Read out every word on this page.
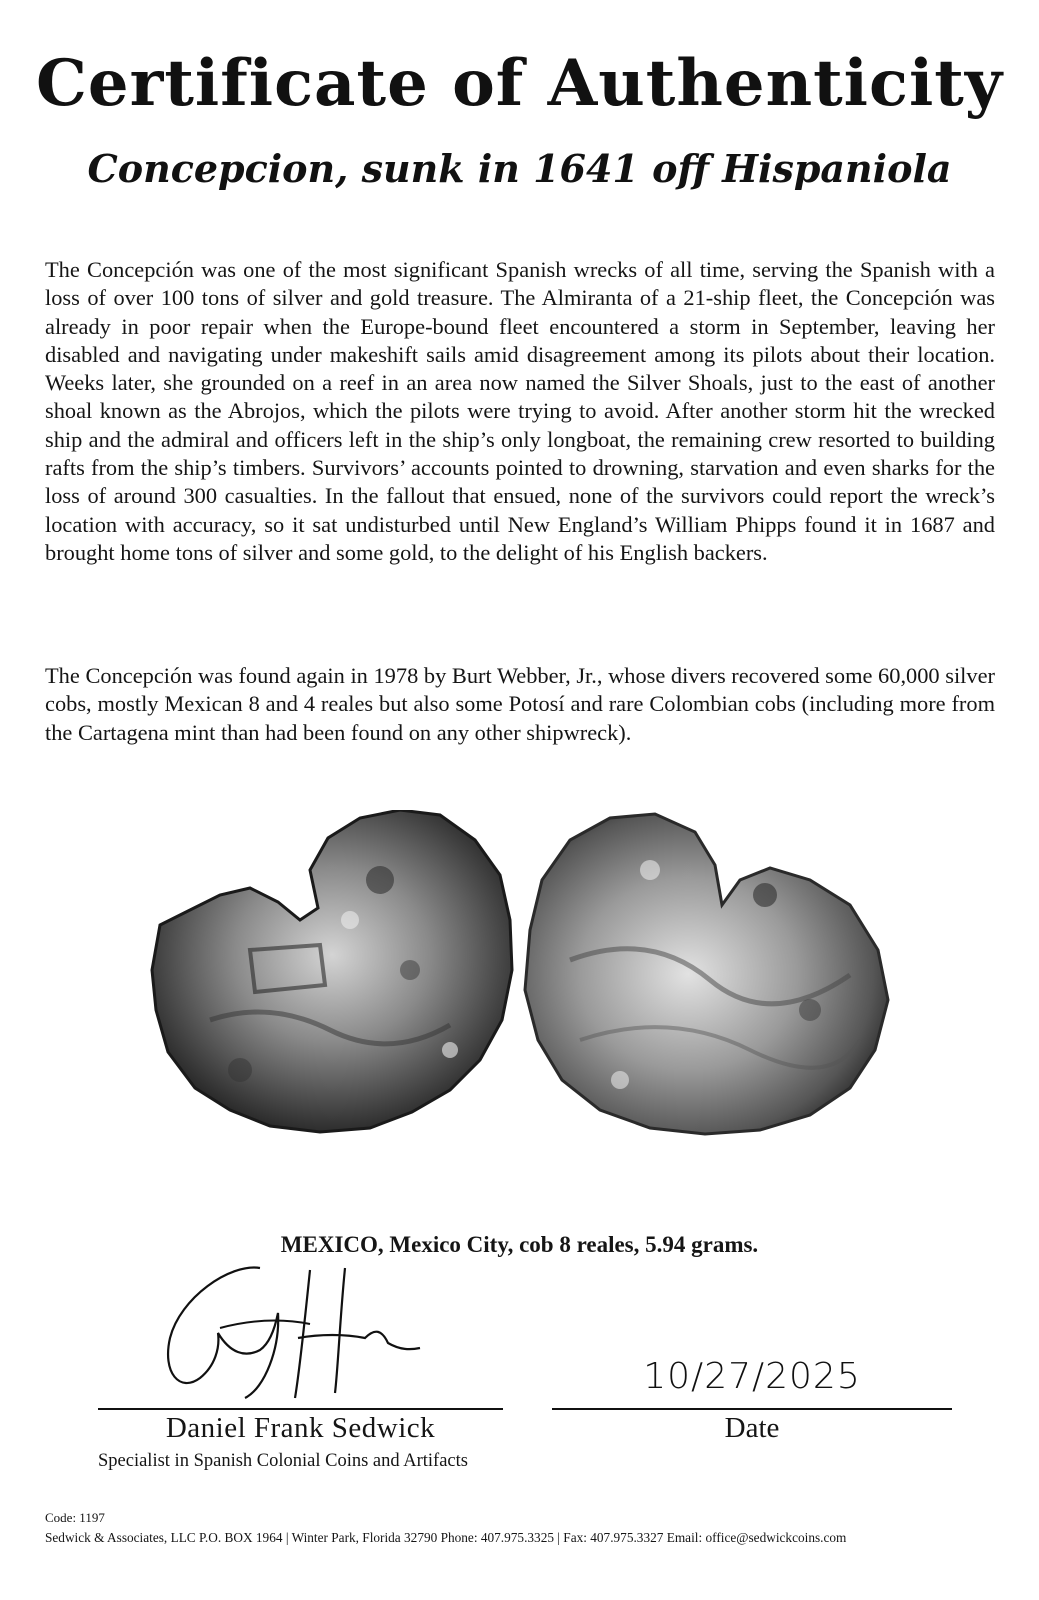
Certificate of Authenticity
Concepcion, sunk in 1641 off Hispaniola

The Concepción was one of the most significant Spanish wrecks of all time, serving the Spanish with a loss of over 100 tons of silver and gold treasure. The Almiranta of a 21-ship fleet, the Concepción was already in poor repair when the Europe-bound fleet encountered a storm in September, leaving her disabled and navigating under makeshift sails amid disagreement among its pilots about their location. Weeks later, she grounded on a reef in an area now named the Silver Shoals, just to the east of another shoal known as the Abrojos, which the pilots were trying to avoid. After another storm hit the wrecked ship and the admiral and officers left in the ship’s only longboat, the remaining crew resorted to building rafts from the ship’s timbers. Survivors’ accounts pointed to drowning, starvation and even sharks for the loss of around 300 casualties. In the fallout that ensued, none of the survivors could report the wreck’s location with accuracy, so it sat undisturbed until New England’s William Phipps found it in 1687 and brought home tons of silver and some gold, to the delight of his English backers.

The Concepción was found again in 1978 by Burt Webber, Jr., whose divers recovered some 60,000 silver cobs, mostly Mexican 8 and 4 reales but also some Potosí and rare Colombian cobs (including more from the Cartagena mint than had been found on any other shipwreck).

MEXICO, Mexico City, cob 8 reales, 5.94 grams.
10/27/2025
Daniel Frank Sedwick	Date
Specialist in Spanish Colonial Coins and Artifacts
Code: 1197
Sedwick & Associates, LLC P.O. BOX 1964 | Winter Park, Florida 32790 Phone: 407.975.3325 | Fax: 407.975.3327 Email: office@sedwickcoins.com
